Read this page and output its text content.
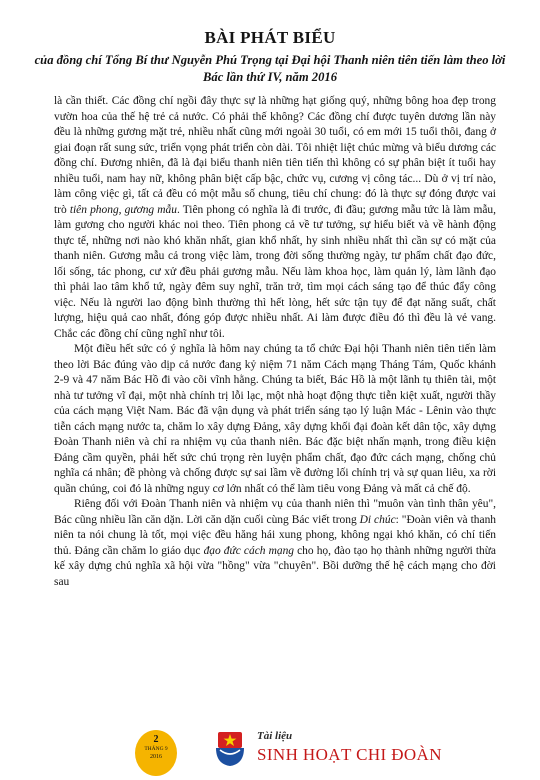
BÀI PHÁT BIỂU
của đồng chí Tổng Bí thư Nguyễn Phú Trọng tại Đại hội Thanh niên tiên tiến làm theo lời Bác lần thứ IV, năm 2016

là cần thiết. Các đồng chí ngồi đây thực sự là những hạt giống quý, những bông hoa đẹp trong vườn hoa của thế hệ trẻ cả nước. Có phải thế không? Các đồng chí được tuyên dương lần này đều là những gương mặt trẻ, nhiều nhất cũng mới ngoài 30 tuổi, có em mới 15 tuổi thôi, đang ở giai đoạn rất sung sức, triển vọng phát triển còn dài. Tôi nhiệt liệt chúc mừng và biểu dương các đồng chí. Đương nhiên, đã là đại biểu thanh niên tiên tiến thì không có sự phân biệt ít tuổi hay nhiều tuổi, nam hay nữ, không phân biệt cấp bậc, chức vụ, cương vị công tác... Dù ở vị trí nào, làm công việc gì, tất cả đều có một mẫu số chung, tiêu chí chung: đó là thực sự đóng được vai trò tiên phong, gương mẫu. Tiên phong có nghĩa là đi trước, đi đầu; gương mẫu tức là làm mẫu, làm gương cho người khác noi theo. Tiên phong cả về tư tưởng, sự hiểu biết và về hành động thực tế, những nơi nào khó khăn nhất, gian khổ nhất, hy sinh nhiều nhất thì cần sự có mặt của thanh niên. Gương mẫu cả trong việc làm, trong đời sống thường ngày, tư phẩm chất đạo đức, lối sống, tác phong, cư xử đều phải gương mẫu. Nếu làm khoa học, làm quản lý, làm lãnh đạo thì phải lao tâm khổ tứ, ngày đêm suy nghĩ, trăn trở, tìm mọi cách sáng tạo để thúc đẩy công việc. Nếu là người lao động bình thường thì hết lòng, hết sức tận tụy để đạt năng suất, chất lượng, hiệu quả cao nhất, đóng góp được nhiều nhất. Ai làm được điều đó thì đều là vẻ vang. Chắc các đồng chí cũng nghĩ như tôi.

Một điều hết sức có ý nghĩa là hôm nay chúng ta tổ chức Đại hội Thanh niên tiên tiến làm theo lời Bác đúng vào dịp cả nước đang kỷ niệm 71 năm Cách mạng Tháng Tám, Quốc khánh 2-9 và 47 năm Bác Hồ đi vào cõi vĩnh hằng. Chúng ta biết, Bác Hồ là một lãnh tụ thiên tài, một nhà tư tưởng vĩ đại, một nhà chính trị lỗi lạc, một nhà hoạt động thực tiễn kiệt xuất, người thầy của cách mạng Việt Nam. Bác đã vận dụng và phát triển sáng tạo lý luận Mác - Lênin vào thực tiễn cách mạng nước ta, chăm lo xây dựng Đảng, xây dựng khối đại đoàn kết dân tộc, xây dựng Đoàn Thanh niên và chỉ ra nhiệm vụ của thanh niên. Bác đặc biệt nhấn mạnh, trong điều kiện Đảng cầm quyền, phải hết sức chú trọng rèn luyện phẩm chất, đạo đức cách mạng, chống chủ nghĩa cá nhân; đề phòng và chống được sự sai lầm về đường lối chính trị và sự quan liêu, xa rời quần chúng, coi đó là những nguy cơ lớn nhất có thể làm tiêu vong Đảng và mất cả chế độ.

Riêng đối với Đoàn Thanh niên và nhiệm vụ của thanh niên thì "muôn vàn tình thân yêu", Bác cũng nhiều lần căn dặn. Lời căn dặn cuối cùng Bác viết trong Di chúc: "Đoàn viên và thanh niên ta nói chung là tốt, mọi việc đều hăng hái xung phong, không ngại khó khăn, có chí tiến thủ. Đảng cần chăm lo giáo dục đạo đức cách mạng cho họ, đào tạo họ thành những người thừa kế xây dựng chủ nghĩa xã hội vừa "hồng" vừa "chuyên". Bồi dưỡng thế hệ cách mạng cho đời sau

2
THÁNG 9
2016
Tài liệu
SINH HOẠT CHI ĐOÀN
